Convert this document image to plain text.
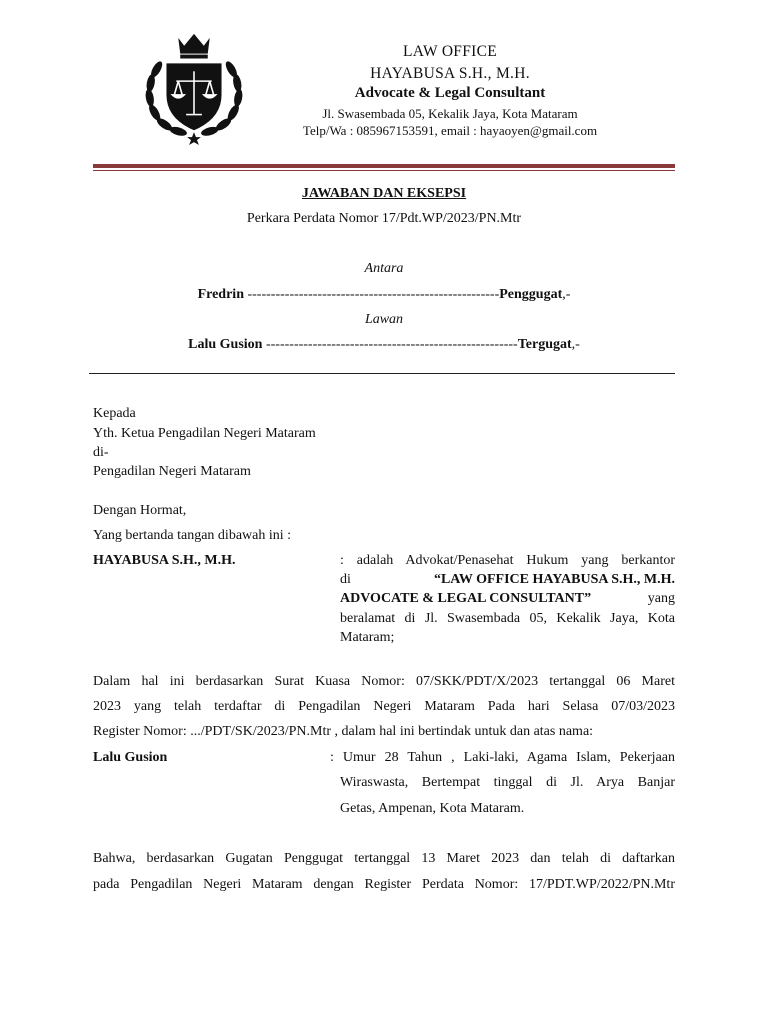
LAW OFFICE
HAYABUSA S.H., M.H.
Advocate & Legal Consultant
Jl. Swasembada 05, Kekalik Jaya, Kota Mataram
Telp/Wa : 085967153591, email : hayaoyen@gmail.com
JAWABAN DAN EKSEPSI
Perkara Perdata Nomor 17/Pdt.WP/2023/PN.Mtr
Antara
Fredrin ------------------------------------------------------Penggugat,-
Lawan
Lalu Gusion ------------------------------------------------------Tergugat,-
Kepada
Yth. Ketua Pengadilan Negeri Mataram
di-
Pengadilan Negeri Mataram
Dengan Hormat,
Yang bertanda tangan dibawah ini :
HAYABUSA S.H., M.H.	: adalah Advokat/Penasehat Hukum yang berkantor
di	“LAW OFFICE HAYABUSA S.H., M.H.
ADVOCATE & LEGAL CONSULTANT”	yang
beralamat di Jl. Swasembada 05, Kekalik Jaya, Kota
Mataram;
Dalam hal ini berdasarkan Surat Kuasa Nomor: 07/SKK/PDT/X/2023 tertanggal 06 Maret
2023 yang telah terdaftar di Pengadilan Negeri Mataram Pada hari Selasa 07/03/2023
Register Nomor: .../PDT/SK/2023/PN.Mtr , dalam hal ini bertindak untuk dan atas nama:
Lalu Gusion	: Umur 28 Tahun , Laki-laki, Agama Islam, Pekerjaan
Wiraswasta, Bertempat tinggal di Jl. Arya Banjar
Getas, Ampenan, Kota Mataram.
Bahwa, berdasarkan Gugatan Penggugat tertanggal 13 Maret 2023 dan telah di daftarkan
pada Pengadilan Negeri Mataram dengan Register Perdata Nomor: 17/PDT.WP/2022/PN.Mtr
